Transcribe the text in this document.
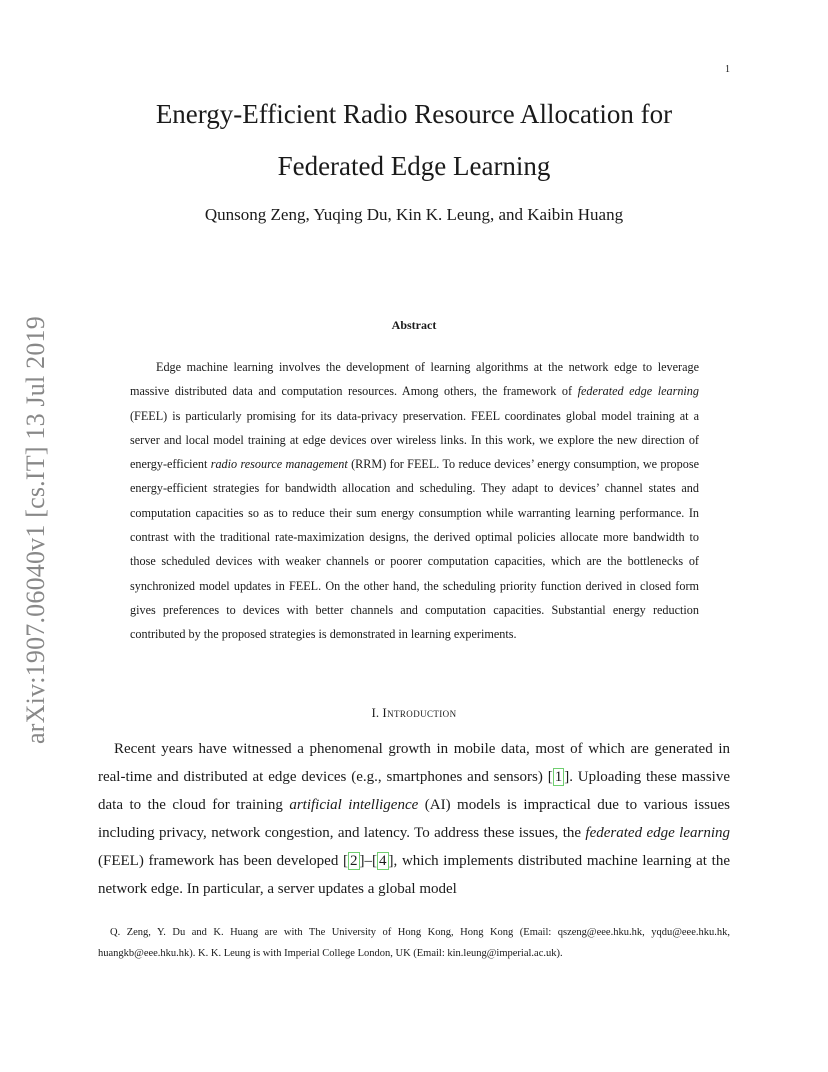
1
Energy-Efficient Radio Resource Allocation for
Federated Edge Learning
Qunsong Zeng, Yuqing Du, Kin K. Leung, and Kaibin Huang
arXiv:1907.06040v1 [cs.IT] 13 Jul 2019	Abstract

Edge machine learning involves the development of learning algorithms at the network edge to leverage massive distributed data and computation resources. Among others, the framework of federated edge learning (FEEL) is particularly promising for its data-privacy preservation. FEEL coordinates global model training at a server and local model training at edge devices over wireless links. In this work, we explore the new direction of energy-efficient radio resource management (RRM) for FEEL. To reduce devices’ energy consumption, we propose energy-efficient strategies for bandwidth allocation and scheduling. They adapt to devices’ channel states and computation capacities so as to reduce their sum energy consumption while warranting learning performance. In contrast with the traditional rate-maximization designs, the derived optimal policies allocate more bandwidth to those scheduled devices with weaker channels or poorer computation capacities, which are the bottlenecks of synchronized model updates in FEEL. On the other hand, the scheduling priority function derived in closed form gives preferences to devices with better channels and computation capacities. Substantial energy reduction contributed by the proposed strategies is demonstrated in learning experiments.

I. Introduction

Recent years have witnessed a phenomenal growth in mobile data, most of which are generated in real-time and distributed at edge devices (e.g., smartphones and sensors) [ 1 ]. Uploading these massive data to the cloud for training artificial intelligence (AI) models is impractical due to various issues including privacy, network congestion, and latency. To address these issues, the federated edge learning (FEEL) framework has been developed [ 2 ]–[ 4 ], which implements distributed machine learning at the network edge. In particular, a server updates a global model

Q. Zeng, Y. Du and K. Huang are with The University of Hong Kong, Hong Kong (Email: qszeng@eee.hku.hk, yqdu@eee.hku.hk, huangkb@eee.hku.hk). K. K. Leung is with Imperial College London, UK (Email: kin.leung@imperial.ac.uk).
